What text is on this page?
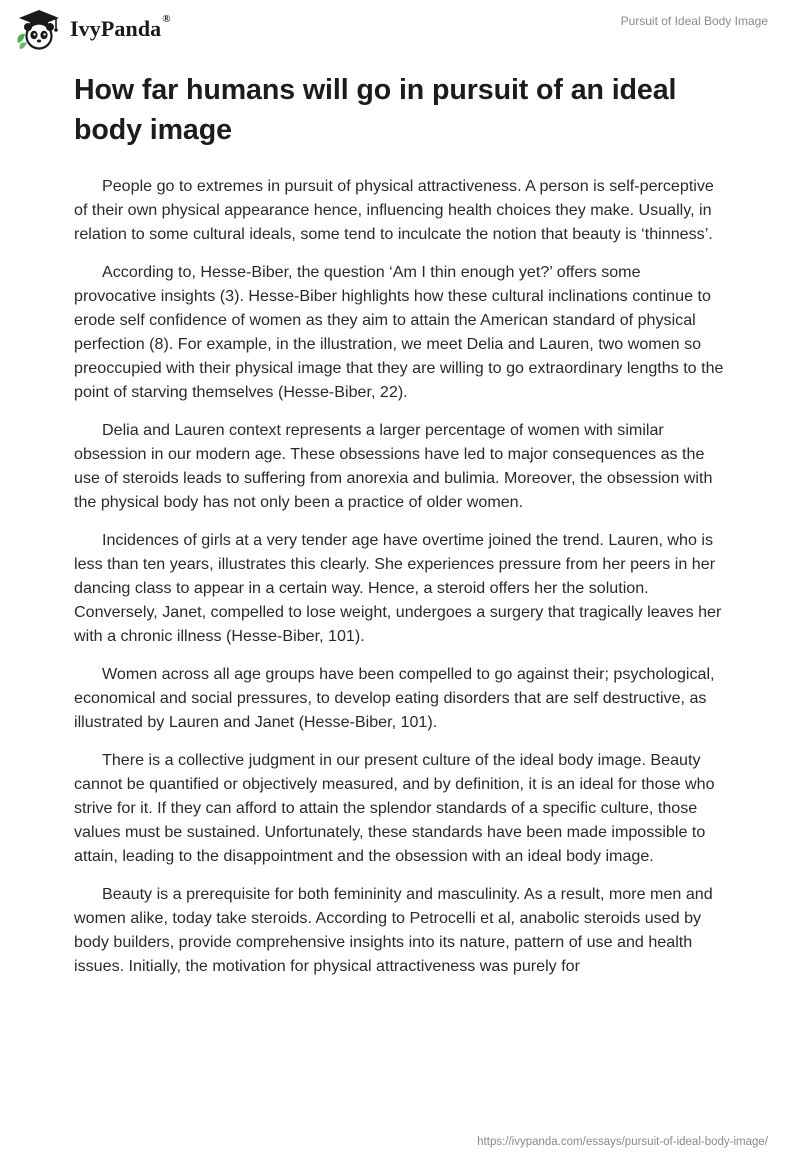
IvyPanda ®	Pursuit of Ideal Body Image
How far humans will go in pursuit of an ideal body image

People go to extremes in pursuit of physical attractiveness. A person is self-perceptive of their own physical appearance hence, influencing health choices they make. Usually, in relation to some cultural ideals, some tend to inculcate the notion that beauty is ‘thinness’.

According to, Hesse-Biber, the question ‘Am I thin enough yet?’ offers some provocative insights (3). Hesse-Biber highlights how these cultural inclinations continue to erode self confidence of women as they aim to attain the American standard of physical perfection (8). For example, in the illustration, we meet Delia and Lauren, two women so preoccupied with their physical image that they are willing to go extraordinary lengths to the point of starving themselves (Hesse-Biber, 22).

Delia and Lauren context represents a larger percentage of women with similar obsession in our modern age. These obsessions have led to major consequences as the use of steroids leads to suffering from anorexia and bulimia. Moreover, the obsession with the physical body has not only been a practice of older women.

Incidences of girls at a very tender age have overtime joined the trend. Lauren, who is less than ten years, illustrates this clearly. She experiences pressure from her peers in her dancing class to appear in a certain way. Hence, a steroid offers her the solution. Conversely, Janet, compelled to lose weight, undergoes a surgery that tragically leaves her with a chronic illness (Hesse-Biber, 101).

Women across all age groups have been compelled to go against their; psychological, economical and social pressures, to develop eating disorders that are self destructive, as illustrated by Lauren and Janet (Hesse-Biber, 101).

There is a collective judgment in our present culture of the ideal body image. Beauty cannot be quantified or objectively measured, and by definition, it is an ideal for those who strive for it. If they can afford to attain the splendor standards of a specific culture, those values must be sustained. Unfortunately, these standards have been made impossible to attain, leading to the disappointment and the obsession with an ideal body image.

Beauty is a prerequisite for both femininity and masculinity. As a result, more men and women alike, today take steroids. According to Petrocelli et al, anabolic steroids used by body builders, provide comprehensive insights into its nature, pattern of use and health issues. Initially, the motivation for physical attractiveness was purely for

https://ivypanda.com/essays/pursuit-of-ideal-body-image/
